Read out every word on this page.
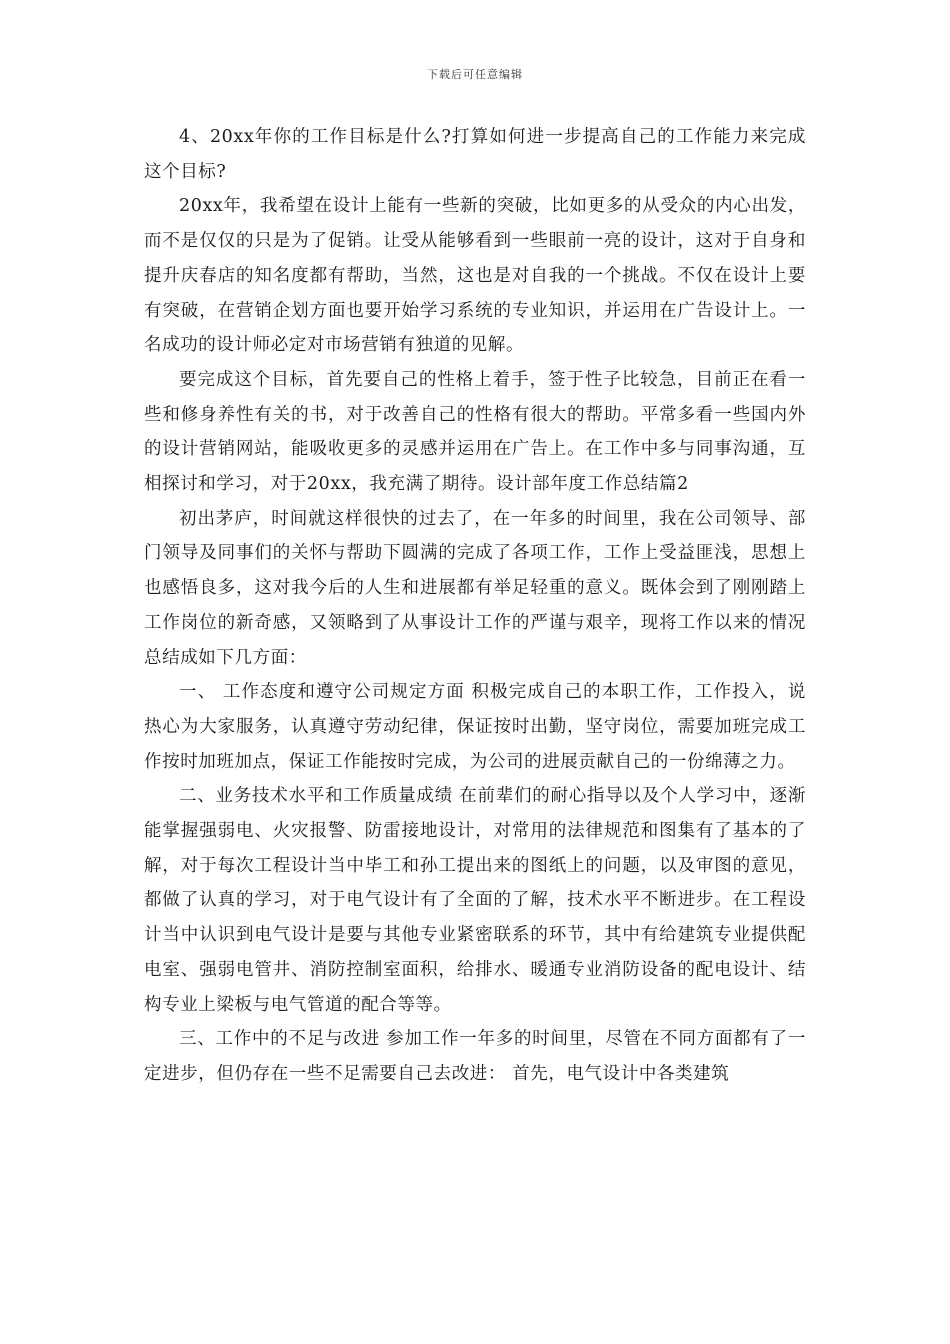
下载后可任意编辑

4、20xx年你的工作目标是什么?打算如何进一步提高自己的工作能力来完成这个目标?

20xx年，我希望在设计上能有一些新的突破，比如更多的从受众的内心出发，而不是仅仅的只是为了促销。让受从能够看到一些眼前一亮的设计，这对于自身和提升庆春店的知名度都有帮助，当然，这也是对自我的一个挑战。不仅在设计上要有突破，在营销企划方面也要开始学习系统的专业知识，并运用在广告设计上。一名成功的设计师必定对市场营销有独道的见解。

要完成这个目标，首先要自己的性格上着手，签于性子比较急，目前正在看一些和修身养性有关的书，对于改善自己的性格有很大的帮助。平常多看一些国内外的设计营销网站，能吸收更多的灵感并运用在广告上。在工作中多与同事沟通，互相探讨和学习，对于20xx，我充满了期待。设计部年度工作总结篇2

初出茅庐，时间就这样很快的过去了，在一年多的时间里，我在公司领导、部门领导及同事们的关怀与帮助下圆满的完成了各项工作，工作上受益匪浅，思想上也感悟良多，这对我今后的人生和进展都有举足轻重的意义。既体会到了刚刚踏上工作岗位的新奇感，又领略到了从事设计工作的严谨与艰辛，现将工作以来的情况总结成如下几方面：

一、 工作态度和遵守公司规定方面 积极完成自己的本职工作，工作投入，说热心为大家服务，认真遵守劳动纪律，保证按时出勤，坚守岗位，需要加班完成工作按时加班加点，保证工作能按时完成，为公司的进展贡献自己的一份绵薄之力。

二、业务技术水平和工作质量成绩 在前辈们的耐心指导以及个人学习中，逐渐能掌握强弱电、火灾报警、防雷接地设计，对常用的法律规范和图集有了基本的了解，对于每次工程设计当中毕工和孙工提出来的图纸上的问题，以及审图的意见，都做了认真的学习，对于电气设计有了全面的了解，技术水平不断进步。在工程设计当中认识到电气设计是要与其他专业紧密联系的环节，其中有给建筑专业提供配电室、强弱电管井、消防控制室面积，给排水、暖通专业消防设备的配电设计、结构专业上梁板与电气管道的配合等等。

三、工作中的不足与改进 参加工作一年多的时间里，尽管在不同方面都有了一定进步，但仍存在一些不足需要自己去改进： 首先，电气设计中各类建筑
